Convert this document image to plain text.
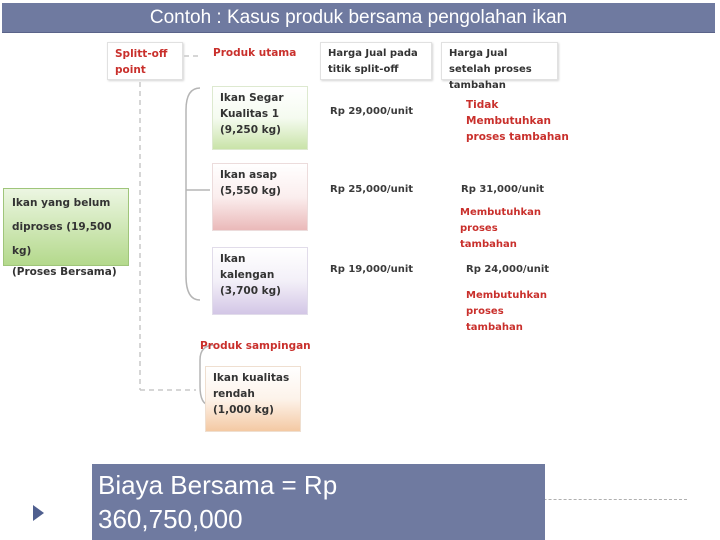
Contoh : Kasus produk bersama pengolahan ikan
Splitt-off point
Produk utama	Harga Jual pada titik split-off
Harga Jual setelah proses tambahan
Ikan yang belum
diproses (19,500
kg)
(Proses Bersama)
Ikan Segar Kualitas 1 (9,250 kg)
Ikan asap (5,550 kg)
Ikan kalengan (3,700 kg)
Rp 29,000/unit
Rp 25,000/unit
Rp 19,000/unit
Tidak Membutuhkan proses tambahan
Rp 31,000/unit
Membutuhkan proses tambahan
Rp 24,000/unit
Membutuhkan proses tambahan
Produk sampingan
Ikan kualitas rendah (1,000 kg)
Biaya Bersama = Rp
360,750,000
